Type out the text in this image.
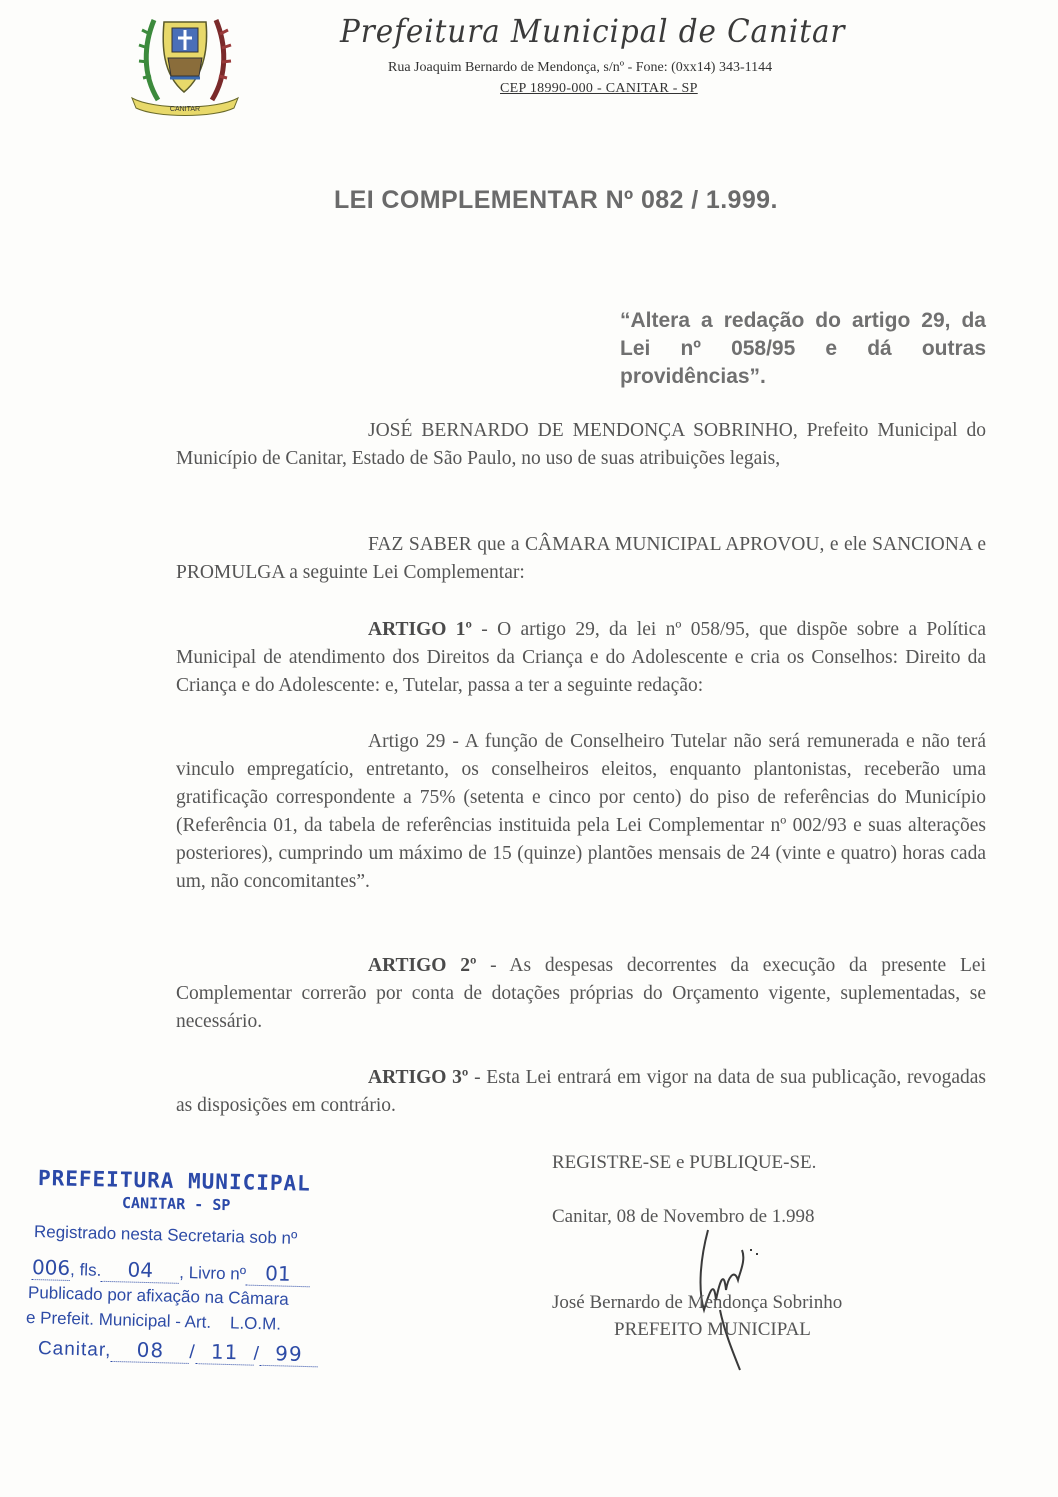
CANITAR
Prefeitura Municipal de Canitar
Rua Joaquim Bernardo de Mendonça, s/nº - Fone: (0xx14) 343-1144
CEP 18990-000 - CANITAR - SP
LEI COMPLEMENTAR Nº 082 / 1.999.
“Altera a redação do artigo 29, da Lei nº 058/95 e dá outras providências”.

JOSÉ BERNARDO DE MENDONÇA SOBRINHO, Prefeito Municipal do Município de Canitar, Estado de São Paulo, no uso de suas atribuições legais,

FAZ SABER que a CÂMARA MUNICIPAL APROVOU, e ele SANCIONA e PROMULGA a seguinte Lei Complementar:

ARTIGO 1º - O artigo 29, da lei nº 058/95, que dispõe sobre a Política Municipal de atendimento dos Direitos da Criança e do Adolescente e cria os Conselhos: Direito da Criança e do Adolescente: e, Tutelar, passa a ter a seguinte redação:

Artigo 29 - A função de Conselheiro Tutelar não será remunerada e não terá vinculo empregatício, entretanto, os conselheiros eleitos, enquanto plantonistas, receberão uma gratificação correspondente a 75% (setenta e cinco por cento) do piso de referências do Município (Referência 01, da tabela de referências instituida pela Lei Complementar nº 002/93 e suas alterações posteriores), cumprindo um máximo de 15 (quinze) plantões mensais de 24 (vinte e quatro) horas cada um, não concomitantes”.

ARTIGO 2º - As despesas decorrentes da execução da presente Lei Complementar correrão por conta de dotações próprias do Orçamento vigente, suplementadas, se necessário.

ARTIGO 3º - Esta Lei entrará em vigor na data de sua publicação, revogadas as disposições em contrário.

REGISTRE-SE e PUBLIQUE-SE.
Canitar, 08 de Novembro de 1.998
José Bernardo de Mendonça Sobrinho
PREFEITO MUNICIPAL
PREFEITURA MUNICIPAL
CANITAR - SP
Registrado nesta Secretaria sob nº
006, fls. 04 , Livro nº 01
Publicado por afixação na Câmara
e Prefeit. Municipal - Art.    L.O.M.
Canitar, 08 / 11 / 99
